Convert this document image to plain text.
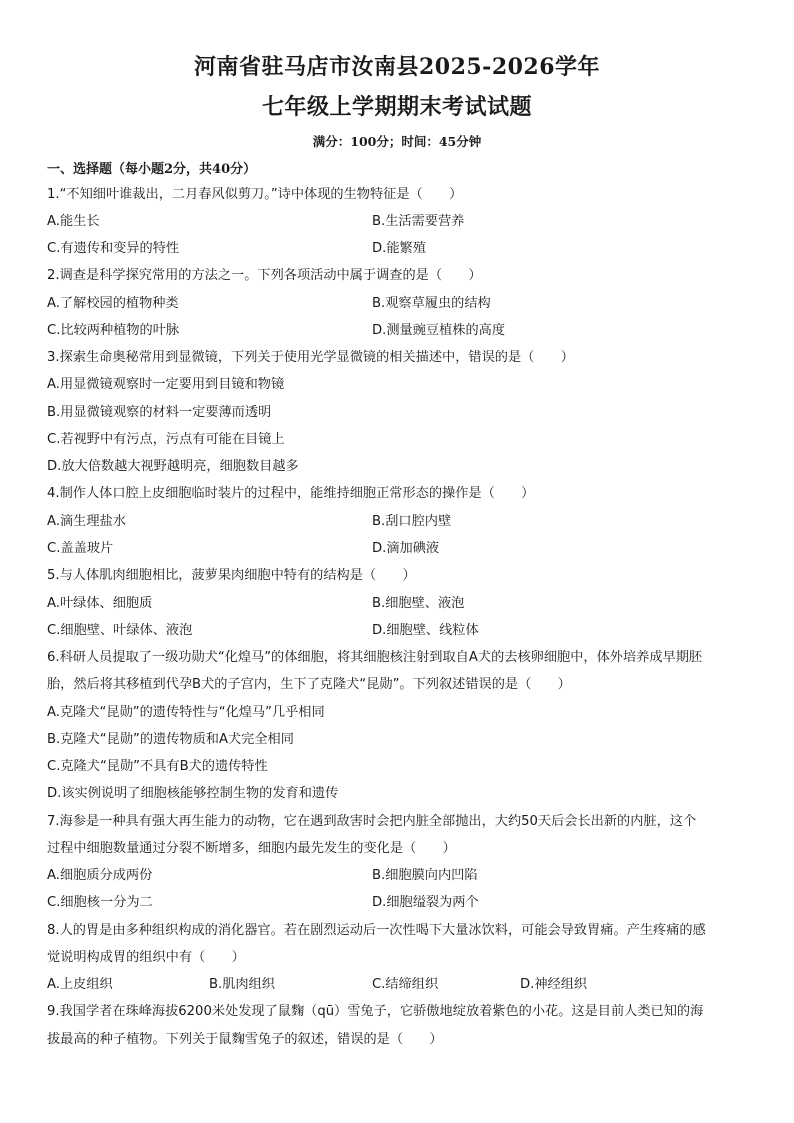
河南省驻马店市汝南县2025-2026学年
七年级上学期期末考试试题
满分：100分；时间：45分钟
一、选择题（每小题2分，共40分）
1.“不知细叶谁裁出，二月春风似剪刀。”诗中体现的生物特征是（　　）
A.能生长	B.生活需要营养
C.有遗传和变异的特性	D.能繁殖
2.调查是科学探究常用的方法之一。下列各项活动中属于调查的是（　　）
A.了解校园的植物种类	B.观察草履虫的结构
C.比较两种植物的叶脉	D.测量豌豆植株的高度
3.探索生命奥秘常用到显微镜，下列关于使用光学显微镜的相关描述中，错误的是（　　）
A.用显微镜观察时一定要用到目镜和物镜
B.用显微镜观察的材料一定要薄而透明
C.若视野中有污点，污点有可能在目镜上
D.放大倍数越大视野越明亮，细胞数目越多
4.制作人体口腔上皮细胞临时装片的过程中，能维持细胞正常形态的操作是（　　）
A.滴生理盐水	B.刮口腔内壁
C.盖盖玻片	D.滴加碘液
5.与人体肌肉细胞相比，菠萝果肉细胞中特有的结构是（　　）
A.叶绿体、细胞质	B.细胞壁、液泡
C.细胞壁、叶绿体、液泡	D.细胞壁、线粒体
6.科研人员提取了一级功勋犬“化煌马”的体细胞，将其细胞核注射到取自A犬的去核卵细胞中，体外培养成早期胚
胎，然后将其移植到代孕B犬的子宫内，生下了克隆犬“昆勋”。下列叙述错误的是（　　）
A.克隆犬“昆勋”的遗传特性与“化煌马”几乎相同
B.克隆犬“昆勋”的遗传物质和A犬完全相同
C.克隆犬“昆勋”不具有B犬的遗传特性
D.该实例说明了细胞核能够控制生物的发育和遗传
7.海参是一种具有强大再生能力的动物，它在遇到敌害时会把内脏全部抛出，大约50天后会长出新的内脏，这个
过程中细胞数量通过分裂不断增多，细胞内最先发生的变化是（　　）
A.细胞质分成两份	B.细胞膜向内凹陷
C.细胞核一分为二	D.细胞缢裂为两个
8.人的胃是由多种组织构成的消化器官。若在剧烈运动后一次性喝下大量冰饮料，可能会导致胃痛。产生疼痛的感
觉说明构成胃的组织中有（　　）
A.上皮组织	B.肌肉组织	C.结缔组织	D.神经组织
9.我国学者在珠峰海拔6200米处发现了鼠麴（qū）雪兔子，它骄傲地绽放着紫色的小花。这是目前人类已知的海
拔最高的种子植物。下列关于鼠麴雪兔子的叙述，错误的是（　　）
